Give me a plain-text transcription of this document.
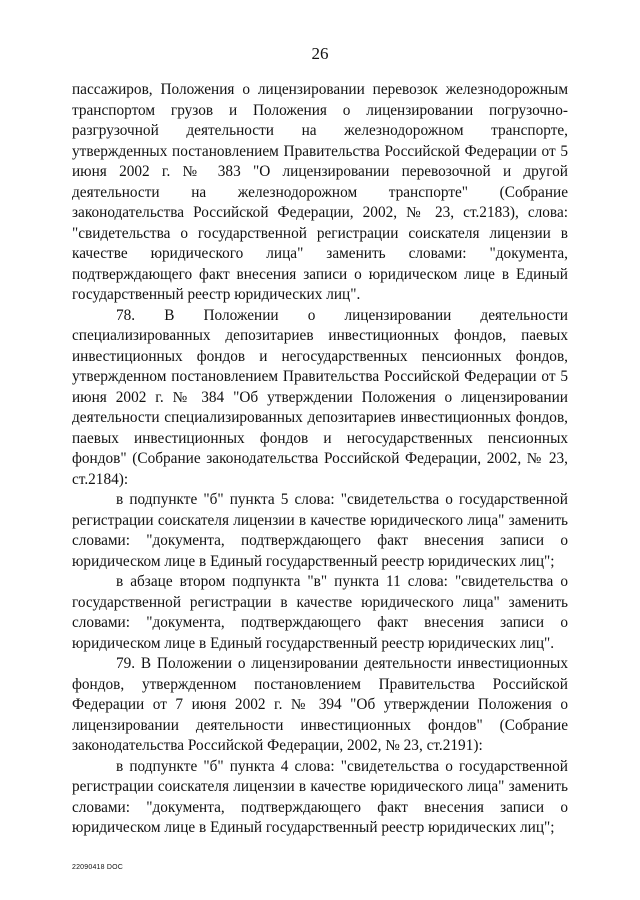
26

пассажиров, Положения о лицензировании перевозок железнодорожным транспортом грузов и Положения о лицензировании погрузочно-разгрузочной деятельности на железнодорожном транспорте, утвержденных постановлением Правительства Российской Федерации от 5 июня 2002 г. № 383 "О лицензировании перевозочной и другой деятельности на железнодорожном транспорте" (Собрание законодательства Российской Федерации, 2002, № 23, ст.2183), слова: "свидетельства о государственной регистрации соискателя лицензии в качестве юридического лица" заменить словами: "документа, подтверждающего факт внесения записи о юридическом лице в Единый государственный реестр юридических лиц".

78. В Положении о лицензировании деятельности специализированных депозитариев инвестиционных фондов, паевых инвестиционных фондов и негосударственных пенсионных фондов, утвержденном постановлением Правительства Российской Федерации от 5 июня 2002 г. № 384 "Об утверждении Положения о лицензировании деятельности специализированных депозитариев инвестиционных фондов, паевых инвестиционных фондов и негосударственных пенсионных фондов" (Собрание законодательства Российской Федерации, 2002, № 23, ст.2184):

в подпункте "б" пункта 5 слова: "свидетельства о государственной регистрации соискателя лицензии в качестве юридического лица" заменить словами: "документа, подтверждающего факт внесения записи о юридическом лице в Единый государственный реестр юридических лиц";

в абзаце втором подпункта "в" пункта 11 слова: "свидетельства о государственной регистрации в качестве юридического лица" заменить словами: "документа, подтверждающего факт внесения записи о юридическом лице в Единый государственный реестр юридических лиц".

79. В Положении о лицензировании деятельности инвестиционных фондов, утвержденном постановлением Правительства Российской Федерации от 7 июня 2002 г. № 394 "Об утверждении Положения о лицензировании деятельности инвестиционных фондов" (Собрание законодательства Российской Федерации, 2002, № 23, ст.2191):

в подпункте "б" пункта 4 слова: "свидетельства о государственной регистрации соискателя лицензии в качестве юридического лица" заменить словами: "документа, подтверждающего факт внесения записи о юридическом лице в Единый государственный реестр юридических лиц";

22090418 DOC
